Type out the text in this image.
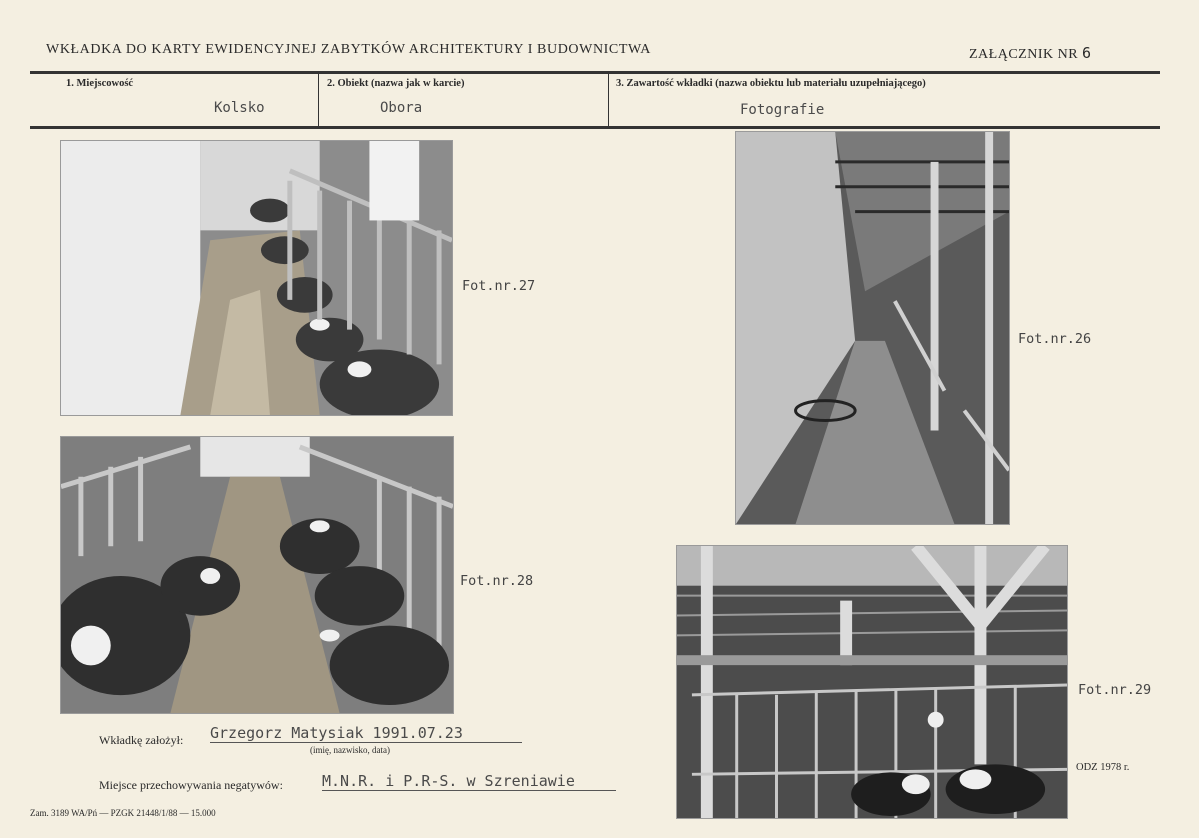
WKŁADKA DO KARTY EWIDENCYJNEJ ZABYTKÓW ARCHITEKTURY I BUDOWNICTWA	ZAŁĄCZNIK NR 6
1. Miejscowość
Kolsko
2. Obiekt (nazwa jak w karcie)
Obora
3. Zawartość wkładki (nazwa obiektu lub materiału uzupełniającego)
Fotografie
Fot.nr.27
Fot.nr.28
Fot.nr.26
Fot.nr.29
Wkładkę założył: Grzegorz Matysiak 1991.07.23
(imię, nazwisko, data)
Miejsce przechowywania negatywów:	M.N.R. i P.R-S. w Szreniawie
Zam. 3189 WA/Pń — PZGK 21448/1/88 — 15.000
ODZ 1978 r.
